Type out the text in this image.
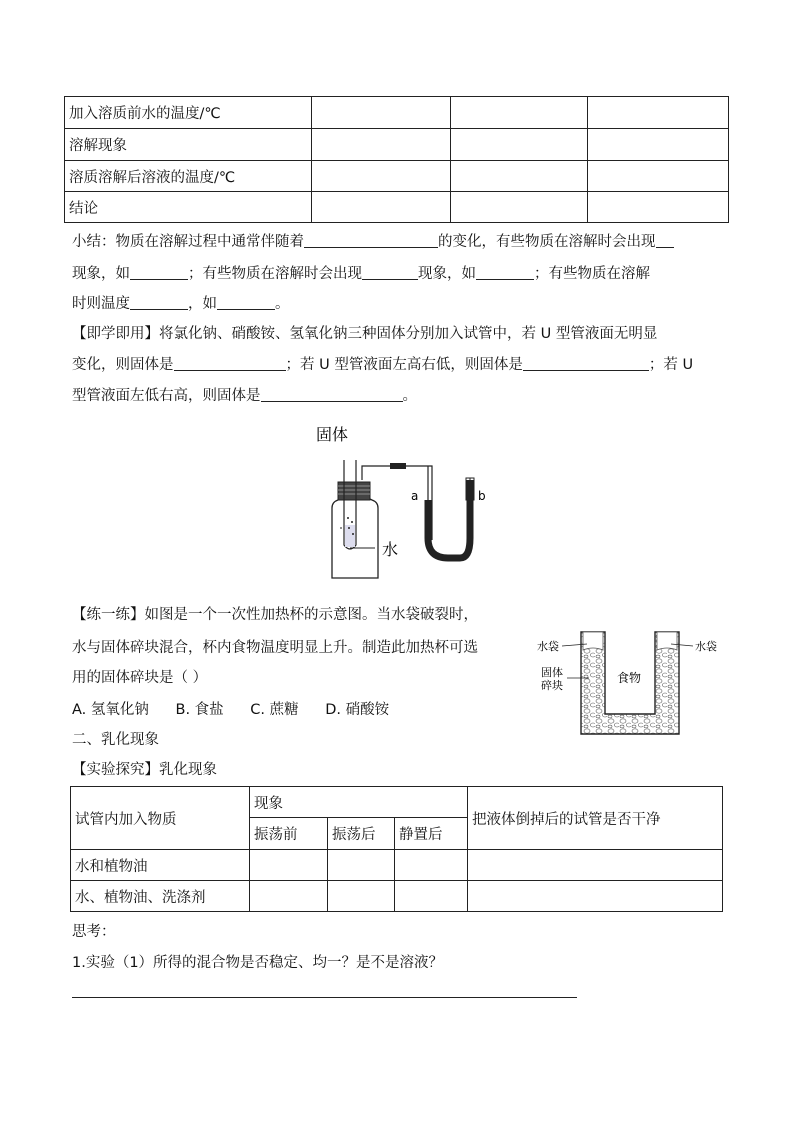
加入溶质前水的温度/℃			
溶解现象			
溶质溶解后溶液的温度/℃			
结论			
小结：物质在溶解过程中通常伴随着	的变化，有些物质在溶解时会出现
现象，如	；有些物质在溶解时会出现	现象，如	；有些物质在溶解
时则温度	，如	。
【即学即用】将氯化钠、硝酸铵、氢氧化钠三种固体分别加入试管中，若 U 型管液面无明显
变化，则固体是	；若 U 型管液面左高右低，则固体是	；若 U
型管液面左低右高，则固体是	。
固体
水
a	b
【练一练】如图是一个一次性加热杯的示意图。当水袋破裂时，
水与固体碎块混合，杯内食物温度明显上升。制造此加热杯可选
用的固体碎块是（ ）
A. 氢氧化钠 B. 食盐 C. 蔗糖 D. 硝酸铵
水袋	水袋
固体
碎块
食物
二、乳化现象
【实验探究】乳化现象
试管内加入物质	现象			把液体倒掉后的试管是否干净
	振荡前	振荡后	静置后	
水和植物油				
水、植物油、洗涤剂				
思考：
1.实验（1）所得的混合物是否稳定、均一？是不是溶液？
